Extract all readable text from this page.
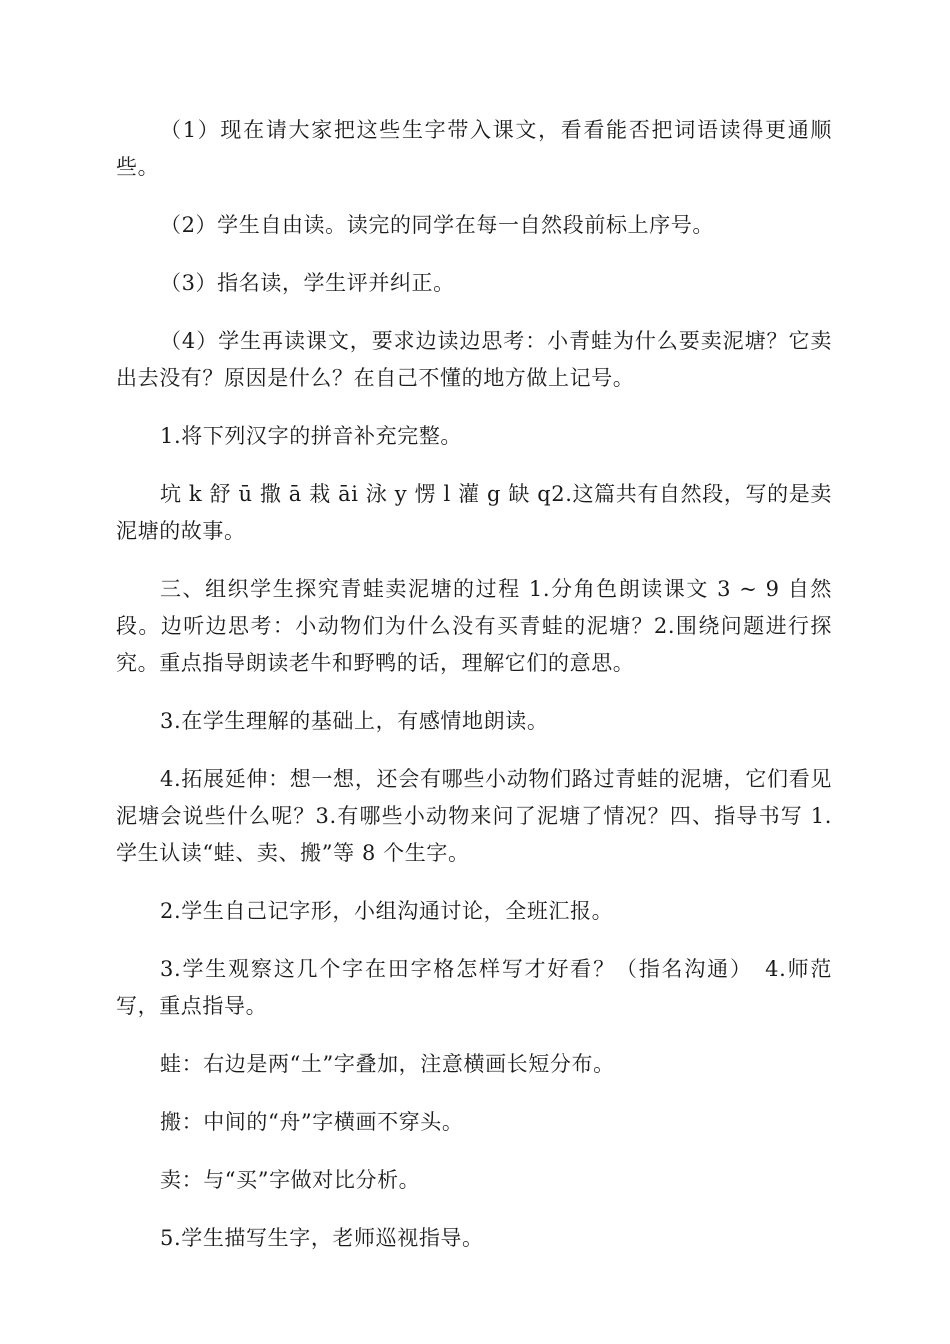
（1）现在请大家把这些生字带入课文，看看能否把词语读得更通顺些。

（2）学生自由读。读完的同学在每一自然段前标上序号。

（3）指名读，学生评并纠正。

（4）学生再读课文，要求边读边思考：小青蛙为什么要卖泥塘？它卖出去没有？原因是什么？在自己不懂的地方做上记号。

1.将下列汉字的拼音补充完整。

坑 k 舒 ū 撒 ā 栽 āi 泳 y 愣 l 灌 g 缺 q2.这篇共有自然段，写的是卖泥塘的故事。

三、组织学生探究青蛙卖泥塘的过程 1.分角色朗读课文 3 ~ 9 自然段。边听边思考：小动物们为什么没有买青蛙的泥塘？2.围绕问题进行探究。重点指导朗读老牛和野鸭的话，理解它们的意思。

3.在学生理解的基础上，有感情地朗读。

4.拓展延伸：想一想，还会有哪些小动物们路过青蛙的泥塘，它们看见泥塘会说些什么呢？3.有哪些小动物来问了泥塘了情况？四、指导书写 1.学生认读“蛙、卖、搬”等 8 个生字。

2.学生自己记字形，小组沟通讨论，全班汇报。

3.学生观察这几个字在田字格怎样写才好看？（指名沟通）　4.师范写，重点指导。

蛙：右边是两“土”字叠加，注意横画长短分布。

搬：中间的“舟”字横画不穿头。

卖：与“买”字做对比分析。

5.学生描写生字，老师巡视指导。
